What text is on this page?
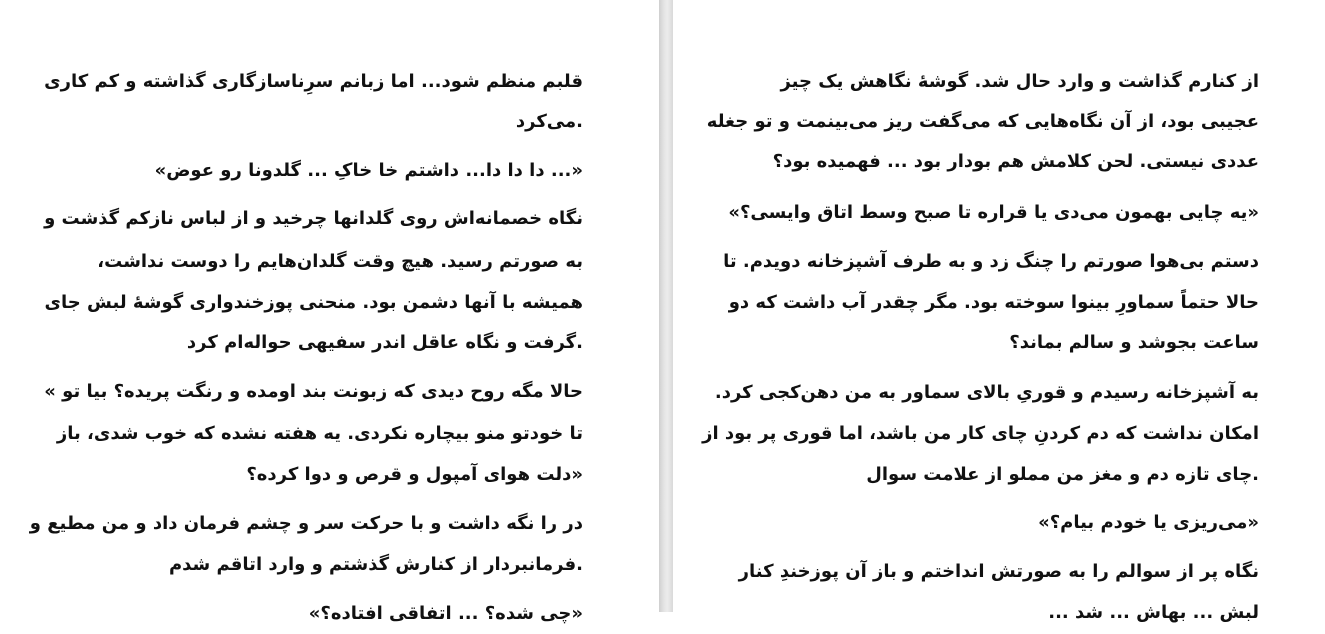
قلبم منظم شود... اما زبانم سرِناسازگاری گذاشته و کم کاری
.می‌کرد
«... دا دا دا... داشتم خا خاکِ ... گلدونا رو عوض»
نگاه خصمانه‌اش روی گلدانها چرخید و از لباس نازکم گذشت و
به صورتم رسید. هیچ وقت گلدان‌هایم را دوست نداشت،
همیشه با آنها دشمن بود. منحنی پوزخندواری گوشهٔ لبش جای
.گرفت و نگاه عاقل اندر سفیهی حواله‌ام کرد
حالا مگه روح دیدی که زبونت بند اومده و رنگت پریده؟ بیا تو »
تا خودتو منو بیچاره نکردی. یه هفته نشده که خوب شدی، باز
«دلت هوای آمپول و قرص و دوا کرده؟
در را نگه داشت و با حرکت سر و چشم فرمان داد و من مطیع و
.فرمانبردار از کنارش گذشتم و وارد اتاقم شدم
«چی شده؟ ... اتفاقی افتاده؟»
از کنارم گذاشت و وارد حال شد. گوشهٔ نگاهش یک چیز
عجیبی بود، از آن نگاه‌هایی که می‌گفت ریز می‌بینمت و تو جغله
عددی نیستی. لحن کلامش هم بودار بود ... فهمیده بود؟
«یه چایی بهمون می‌دی یا قراره تا صبح وسط اتاق وایسی؟»
دستم بی‌هوا صورتم را چنگ زد و به طرف آشپزخانه دویدم. تا
حالا حتماً سماورِ بینوا سوخته بود. مگر چقدر آب داشت که دو
ساعت بجوشد و سالم بماند؟
به آشپزخانه رسیدم و قوریِ بالای سماور به من دهن‌کجی کرد.
امکان نداشت که دم کردنِ چای کار من باشد، اما قوری پر بود از
.چای تازه دم و مغز من مملو از علامت سوال
«می‌ریزی یا خودم بیام؟»
نگاه پر از سوالم را به صورتش انداختم و باز آن پوزخندِ کنار
لبش ... بهاش ... شد ...
